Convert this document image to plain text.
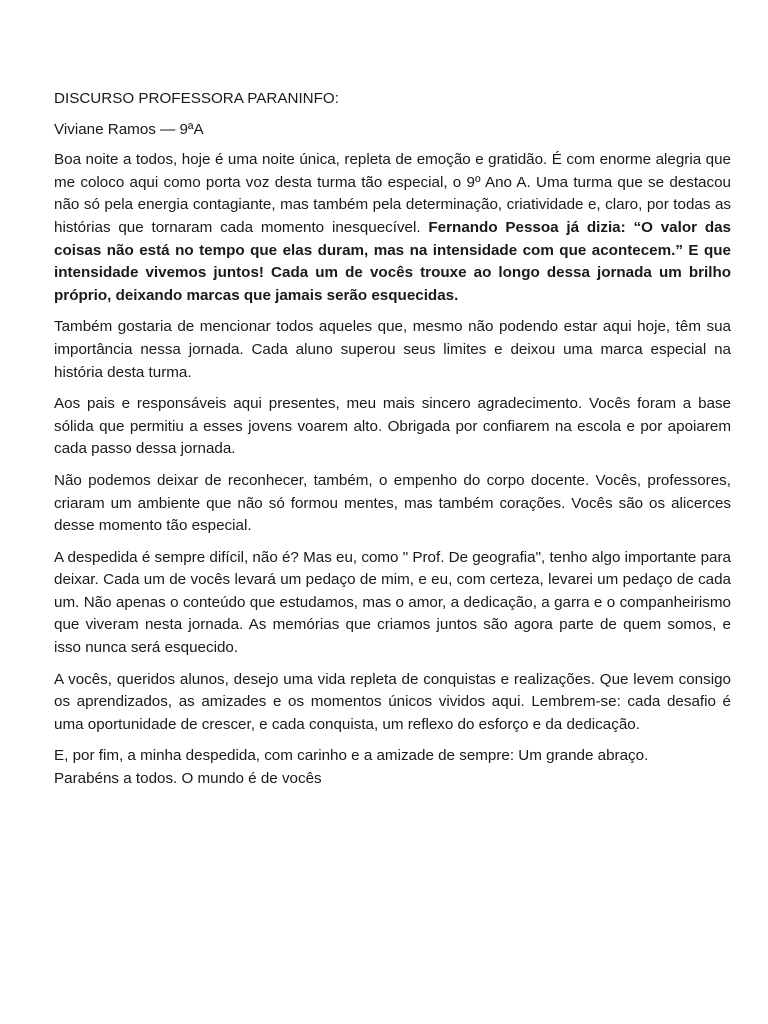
DISCURSO PROFESSORA PARANINFO:
Viviane Ramos — 9ªA

Boa noite a todos, hoje é uma noite única, repleta de emoção e gratidão. É com enorme alegria que me coloco aqui como porta voz desta turma tão especial, o 9º Ano A. Uma turma que se destacou não só pela energia contagiante, mas também pela determinação, criatividade e, claro, por todas as histórias que tornaram cada momento inesquecível. Fernando Pessoa já dizia: “O valor das coisas não está no tempo que elas duram, mas na intensidade com que acontecem.” E que intensidade vivemos juntos! Cada um de vocês trouxe ao longo dessa jornada um brilho próprio, deixando marcas que jamais serão esquecidas.

Também gostaria de mencionar todos aqueles que, mesmo não podendo estar aqui hoje, têm sua importância nessa jornada. Cada aluno superou seus limites e deixou uma marca especial na história desta turma.

Aos pais e responsáveis aqui presentes, meu mais sincero agradecimento. Vocês foram a base sólida que permitiu a esses jovens voarem alto. Obrigada por confiarem na escola e por apoiarem cada passo dessa jornada.

Não podemos deixar de reconhecer, também, o empenho do corpo docente. Vocês, professores, criaram um ambiente que não só formou mentes, mas também corações. Vocês são os alicerces desse momento tão especial.

A despedida é sempre difícil, não é? Mas eu, como " Prof. De geografia", tenho algo importante para deixar. Cada um de vocês levará um pedaço de mim, e eu, com certeza, levarei um pedaço de cada um. Não apenas o conteúdo que estudamos, mas o amor, a dedicação, a garra e o companheirismo que viveram nesta jornada. As memórias que criamos juntos são agora parte de quem somos, e isso nunca será esquecido.

A vocês, queridos alunos, desejo uma vida repleta de conquistas e realizações. Que levem consigo os aprendizados, as amizades e os momentos únicos vividos aqui. Lembrem-se: cada desafio é uma oportunidade de crescer, e cada conquista, um reflexo do esforço e da dedicação.

E, por fim, a minha despedida, com carinho e a amizade de sempre: Um grande abraço.

Parabéns a todos. O mundo é de vocês
